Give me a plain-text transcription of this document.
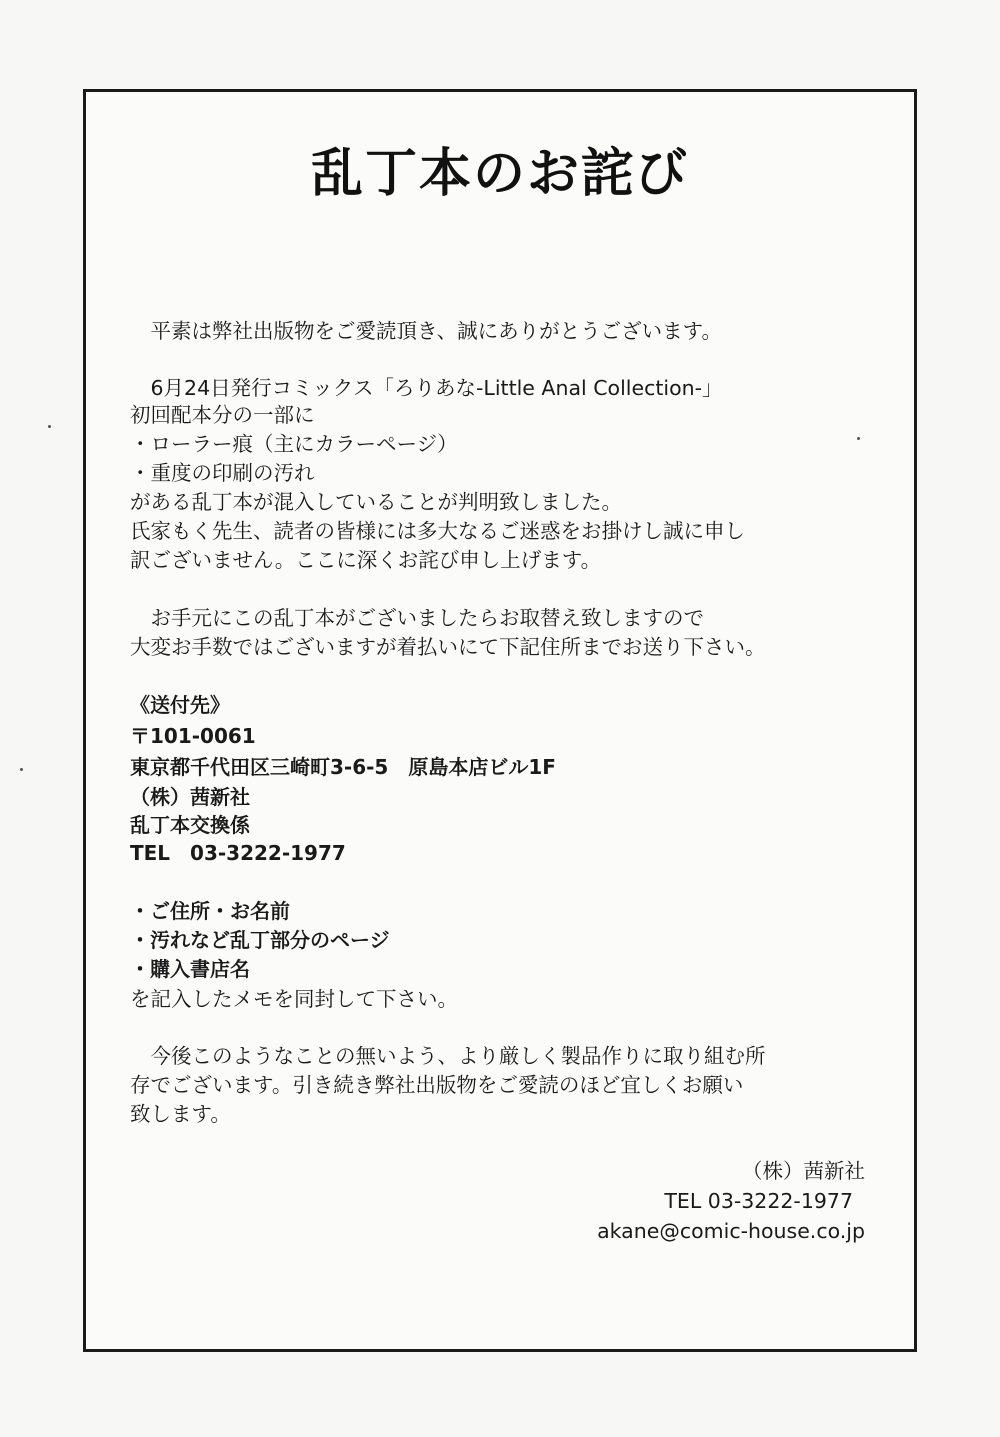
乱丁本のお詫び
　平素は弊社出版物をご愛読頂き、誠にありがとうございます。
　6月24日発行コミックス「ろりあな-Little Anal Collection-」
初回配本分の一部に
・ローラー痕（主にカラーページ）
・重度の印刷の汚れ
がある乱丁本が混入していることが判明致しました。
氏家もく先生、読者の皆様には多大なるご迷惑をお掛けし誠に申し
訳ございません。ここに深くお詫び申し上げます。
　お手元にこの乱丁本がございましたらお取替え致しますので
大変お手数ではございますが着払いにて下記住所までお送り下さい。
《送付先》
〒101-0061
東京都千代田区三崎町3-6-5　原島本店ビル1F
（株）茜新社
乱丁本交換係
TEL　03-3222-1977
・ご住所・お名前
・汚れなど乱丁部分のページ
・購入書店名
を記入したメモを同封して下さい。
　今後このようなことの無いよう、より厳しく製品作りに取り組む所
存でございます。引き続き弊社出版物をご愛読のほど宜しくお願い
致します。
（株）茜新社
TEL 03-3222-1977
akane@comic-house.co.jp
